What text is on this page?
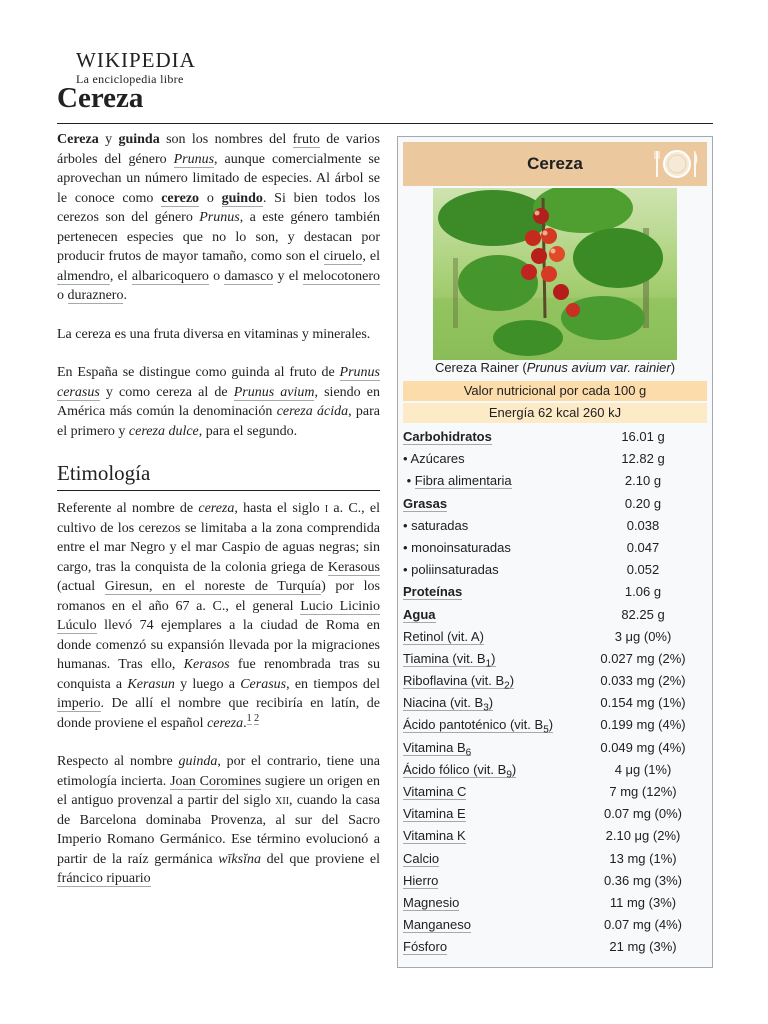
WIKIPEDIA
La enciclopedia libre
Cereza

Cereza y guinda son los nombres del fruto de varios árboles del género Prunus, aunque comercialmente se aprovechan un número limitado de especies. Al árbol se le conoce como cerezo o guindo. Si bien todos los cerezos son del género Prunus, a este género también pertenecen especies que no lo son, y destacan por producir frutos de mayor tamaño, como son el ciruelo, el almendro, el albaricoquero o damasco y el melocotonero o duraznero.

La cereza es una fruta diversa en vitaminas y minerales.

En España se distingue como guinda al fruto de Prunus cerasus y como cereza al de Prunus avium, siendo en América más común la denominación cereza ácida, para el primero y cereza dulce, para el segundo.

Etimología

Referente al nombre de cereza, hasta el siglo i a. C., el cultivo de los cerezos se limitaba a la zona comprendida entre el mar Negro y el mar Caspio de aguas negras; sin cargo, tras la conquista de la colonia griega de Kerasous (actual Giresun, en el noreste de Turquía) por los romanos en el año 67 a. C., el general Lucio Licinio Lúculo llevó 74 ejemplares a la ciudad de Roma en donde comenzó su expansión llevada por la migraciones humanas. Tras ello, Kerasos fue renombrada tras su conquista a Kerasun y luego a Cerasus, en tiempos del imperio. De allí el nombre que recibiría en latín, de donde proviene el español cereza.$^{1 2}$

Respecto al nombre guinda, por el contrario, tiene una etimología incierta. Joan Coromines sugiere un origen en el antiguo provenzal a partir del siglo xii, cuando la casa de Barcelona dominaba Provenza, al sur del Sacro Imperio Romano Germánico. Ese término evolucionó a partir de la raíz germánica wīksĭna del que proviene el fráncico ripuario

Cereza
Cereza Rainer (Prunus avium var. rainier)
Valor nutricional por cada 100 g
Energía 62 kcal 260 kJ
Carbohidratos	16.01 g
• Azúcares	12.82 g
• Fibra alimentaria	2.10 g
Grasas	0.20 g
• saturadas	0.038
• monoinsaturadas	0.047
• poliinsaturadas	0.052
Proteínas	1.06 g
Agua	82.25 g
Retinol (vit. A)	3 μg (0%)
Tiamina (vit. $B_1$)	0.027 mg (2%)
Riboflavina (vit. $B_2$)	0.033 mg (2%)
Niacina (vit. $B_3$)	0.154 mg (1%)
Ácido pantoténico (vit. $B_5$)	0.199 mg (4%)
Vitamina $B_6$	0.049 mg (4%)
Ácido fólico (vit. $B_9$)	4 μg (1%)
Vitamina C	7 mg (12%)
Vitamina E	0.07 mg (0%)
Vitamina K	2.10 μg (2%)
Calcio	13 mg (1%)
Hierro	0.36 mg (3%)
Magnesio	11 mg (3%)
Manganeso	0.07 mg (4%)
Fósforo	21 mg (3%)
